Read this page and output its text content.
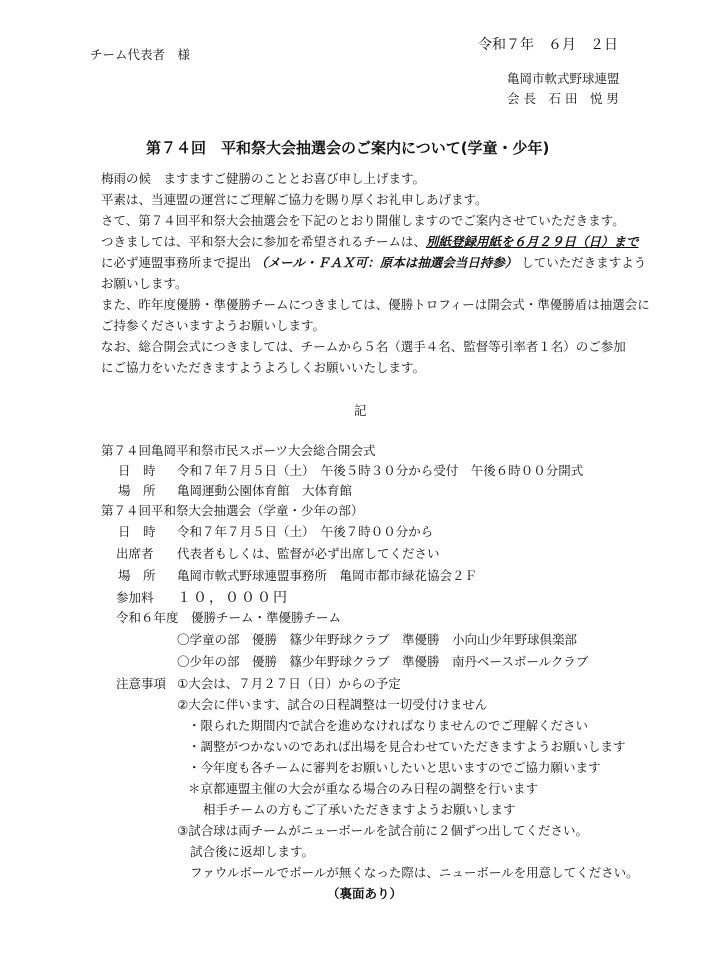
チーム代表者　様
令和７年　６月　２日
亀岡市軟式野球連盟
会 長　石 田　悦 男
第７４回　平和祭大会抽選会のご案内について(学童・少年)
梅雨の候　ますますご健勝のこととお喜び申し上げます。
平素は、当連盟の運営にご理解ご協力を賜り厚くお礼申しあげます。
さて、第７４回平和祭大会抽選会を下記のとおり開催しますのでご案内させていただきます。
つきましては、平和祭大会に参加を希望されるチームは、別紙登録用紙を６月２９日（日）まで
に必ず連盟事務所まで提出 （メール・ＦＡＸ可：原本は抽選会当日持参） していただきますよう
お願いします。
また、昨年度優勝・準優勝チームにつきましては、優勝トロフィーは開会式・準優勝盾は抽選会に
ご持参くださいますようお願いします。
なお、総合開会式につきましては、チームから５名（選手４名、監督等引率者１名）のご参加
にご協力をいただきますようよろしくお願いいたします。
記
第７４回亀岡平和祭市民スポーツ大会総合開会式
日　時 令和７年７月５日（土）　午後５時３０分から受付　午後６時００分開式
場　所 亀岡運動公園体育館　大体育館
第７４回平和祭大会抽選会（学童・少年の部）
日　時 令和７年７月５日（土）　午後７時００分から
出席者 代表者もしくは、監督が必ず出席してください
場　所 亀岡市軟式野球連盟事務所　亀岡市都市緑花協会２Ｆ
参加料 １０，０００円
令和６年度　優勝チーム・準優勝チーム
〇学童の部　優勝　篠少年野球クラブ　準優勝　小向山少年野球倶楽部
〇少年の部　優勝　篠少年野球クラブ　準優勝　南丹ベースボールクラブ
注意事項 ①大会は、７月２７日（日）からの予定
②大会に伴います、試合の日程調整は一切受付けません
・限られた期間内で試合を進めなければなりませんのでご理解ください
・調整がつかないのであれば出場を見合わせていただきますようお願いします
・今年度も各チームに審判をお願いしたいと思いますのでご協力願います
＊京都連盟主催の大会が重なる場合のみ日程の調整を行います
相手チームの方もご了承いただきますようお願いします
③試合球は両チームがニューボールを試合前に２個ずつ出してください。
試合後に返却します。
ファウルボールでボールが無くなった際は、ニューボールを用意してください。
（裏面あり）
